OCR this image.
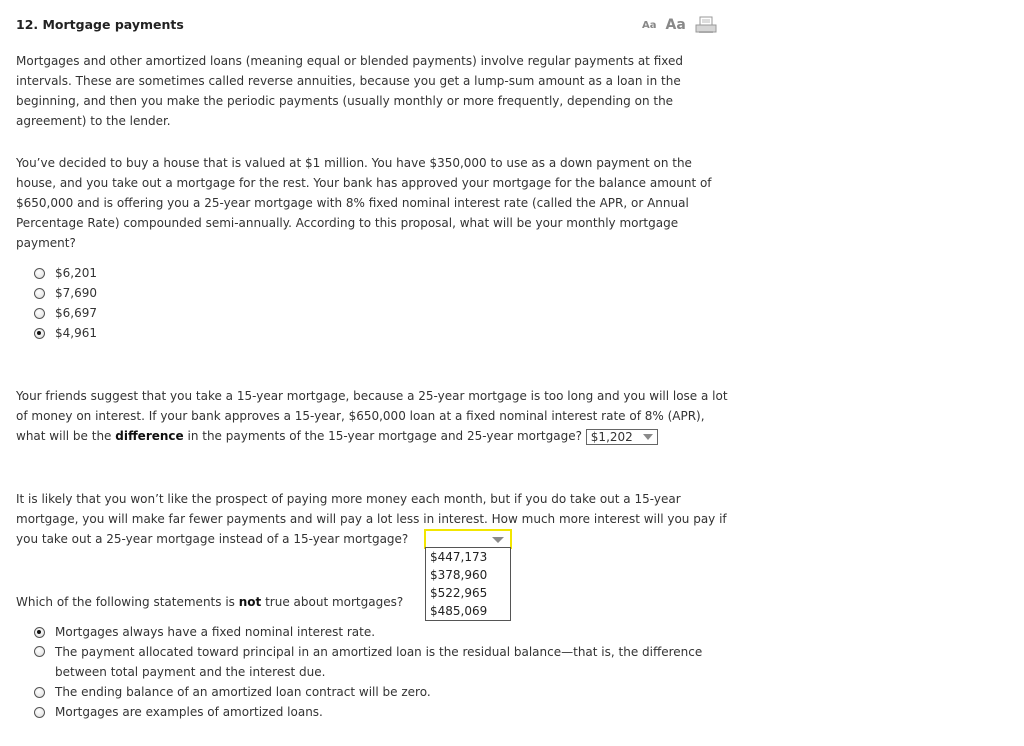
12. Mortgage payments	Aa Aa

Mortgages and other amortized loans (meaning equal or blended payments) involve regular payments at fixed intervals. These are sometimes called reverse annuities, because you get a lump-sum amount as a loan in the beginning, and then you make the periodic payments (usually monthly or more frequently, depending on the agreement) to the lender.

You’ve decided to buy a house that is valued at $1 million. You have $350,000 to use as a down payment on the house, and you take out a mortgage for the rest. Your bank has approved your mortgage for the balance amount of $650,000 and is offering you a 25-year mortgage with 8% fixed nominal interest rate (called the APR, or Annual Percentage Rate) compounded semi-annually. According to this proposal, what will be your monthly mortgage payment?

$6,201
$7,690
$6,697
$4,961

Your friends suggest that you take a 15-year mortgage, because a 25-year mortgage is too long and you will lose a lot of money on interest. If your bank approves a 15-year, $650,000 loan at a fixed nominal interest rate of 8% (APR), what will be the difference in the payments of the 15-year mortgage and 25-year mortgage? $1,202

It is likely that you won’t like the prospect of paying more money each month, but if you do take out a 15-year mortgage, you will make far fewer payments and will pay a lot less in interest. How much more interest will you pay if you take out a 25-year mortgage instead of a 15-year mortgage?

$447,173
$378,960
$522,965
$485,069

Which of the following statements is not true about mortgages?

Mortgages always have a fixed nominal interest rate.
The payment allocated toward principal in an amortized loan is the residual balance—that is, the difference between total payment and the interest due.
The ending balance of an amortized loan contract will be zero.
Mortgages are examples of amortized loans.
